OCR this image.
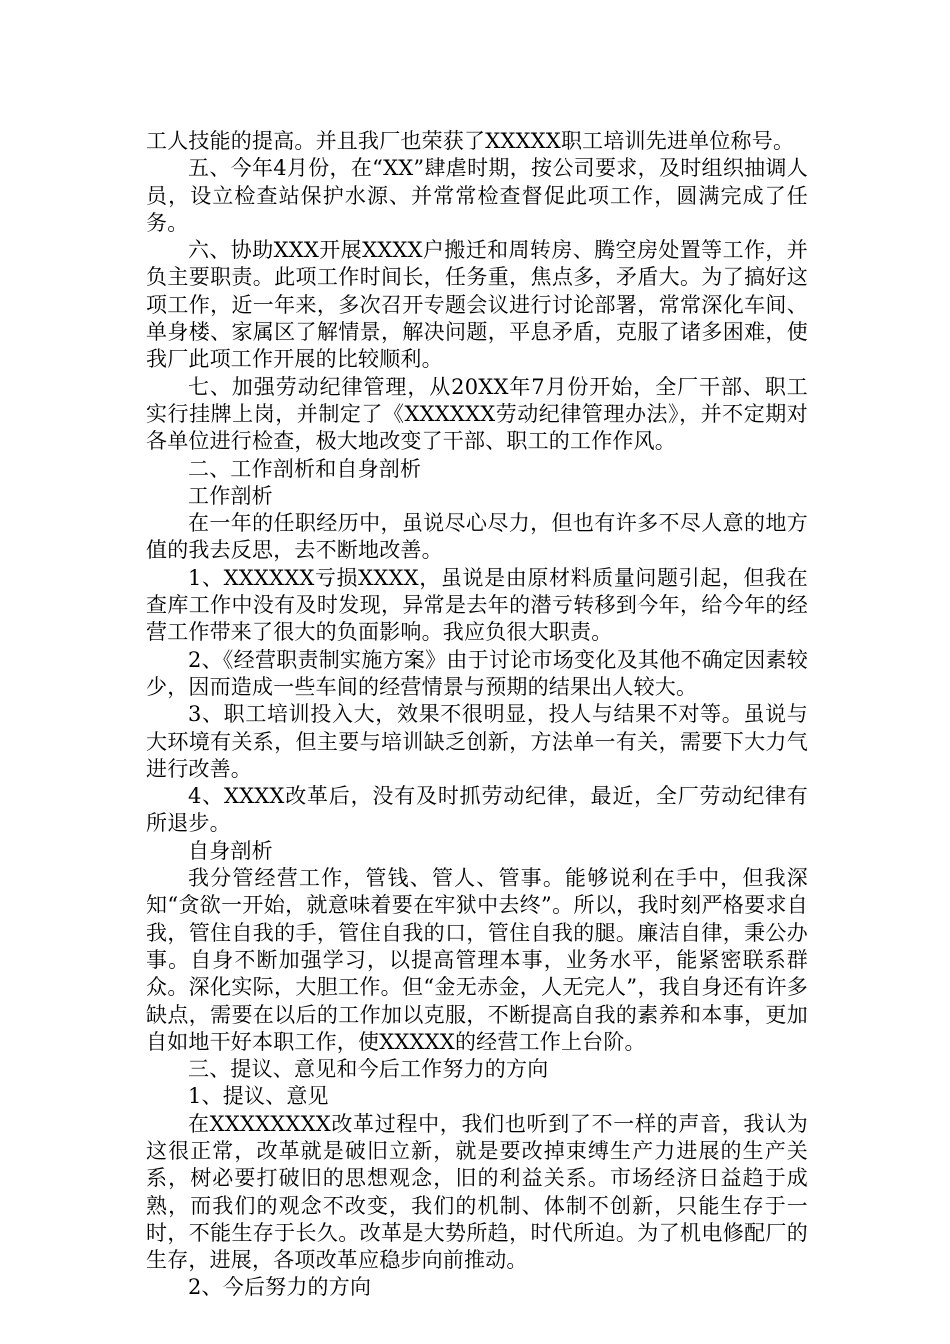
工人技能的提高。并且我厂也荣获了XXXXX职工培训先进单位称号。

五、今年4月份，在“XX”肆虐时期，按公司要求，及时组织抽调人员，设立检查站保护水源、并常常检查督促此项工作，圆满完成了任务。

六、协助XXX开展XXXX户搬迁和周转房、腾空房处置等工作，并负主要职责。此项工作时间长，任务重，焦点多，矛盾大。为了搞好这项工作，近一年来，多次召开专题会议进行讨论部署，常常深化车间、单身楼、家属区了解情景，解决问题，平息矛盾，克服了诸多困难，使我厂此项工作开展的比较顺利。

七、加强劳动纪律管理，从20XX年7月份开始，全厂干部、职工实行挂牌上岗，并制定了《XXXXXX劳动纪律管理办法》，并不定期对各单位进行检查，极大地改变了干部、职工的工作作风。

二、工作剖析和自身剖析

工作剖析

在一年的任职经历中，虽说尽心尽力，但也有许多不尽人意的地方值的我去反思，去不断地改善。

1、XXXXXX亏损XXXX，虽说是由原材料质量问题引起，但我在查库工作中没有及时发现，异常是去年的潜亏转移到今年，给今年的经营工作带来了很大的负面影响。我应负很大职责。

2、《经营职责制实施方案》由于讨论市场变化及其他不确定因素较少，因而造成一些车间的经营情景与预期的结果出人较大。

3、职工培训投入大，效果不很明显，投人与结果不对等。虽说与大环境有关系，但主要与培训缺乏创新，方法单一有关，需要下大力气进行改善。

4、XXXX改革后，没有及时抓劳动纪律，最近，全厂劳动纪律有所退步。

自身剖析

我分管经营工作，管钱、管人、管事。能够说利在手中，但我深知“贪欲一开始，就意味着要在牢狱中去终”。所以，我时刻严格要求自我，管住自我的手，管住自我的口，管住自我的腿。廉洁自律，秉公办事。自身不断加强学习，以提高管理本事，业务水平，能紧密联系群众。深化实际，大胆工作。但“金无赤金，人无完人”，我自身还有许多缺点，需要在以后的工作加以克服，不断提高自我的素养和本事，更加自如地干好本职工作，使XXXXX的经营工作上台阶。

三、提议、意见和今后工作努力的方向

1、提议、意见

在XXXXXXXX改革过程中，我们也听到了不一样的声音，我认为这很正常，改革就是破旧立新，就是要改掉束缚生产力进展的生产关系，树必要打破旧的思想观念，旧的利益关系。市场经济日益趋于成熟，而我们的观念不改变，我们的机制、体制不创新，只能生存于一时，不能生存于长久。改革是大势所趋，时代所迫。为了机电修配厂的生存，进展，各项改革应稳步向前推动。

2、今后努力的方向
